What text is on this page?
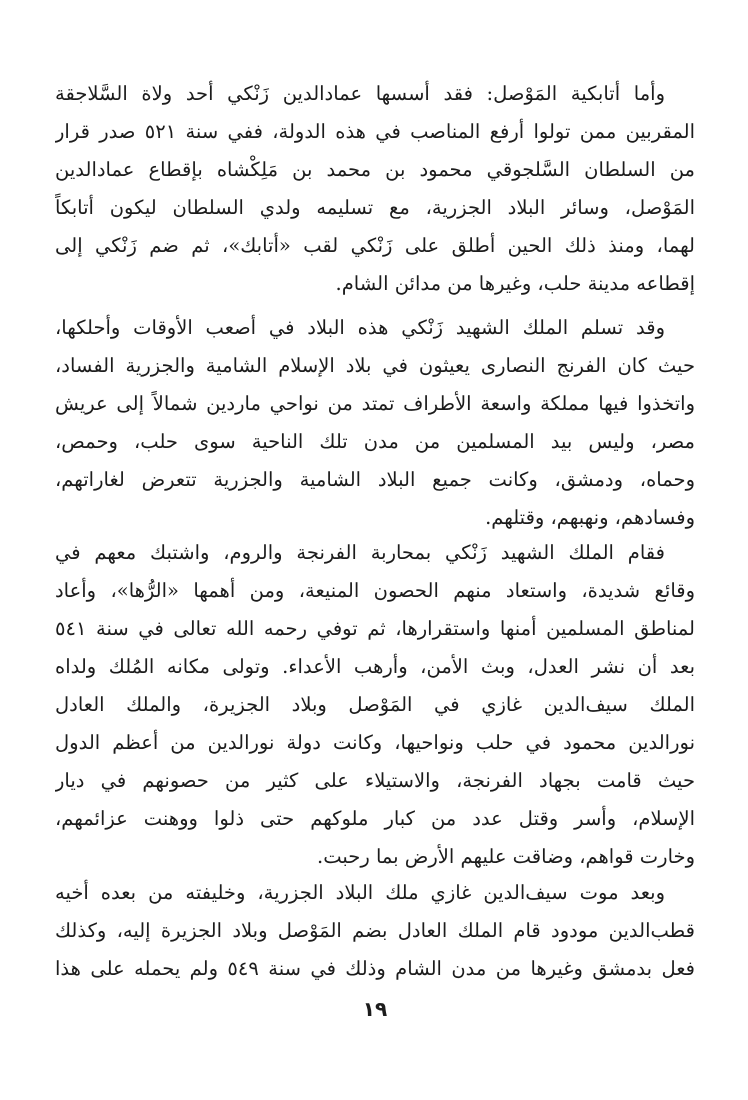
وأما أتابكية المَوْصل: فقد أسسها عمادالدين زَنْكي أحد ولاة السَّلاجقة
المقربين ممن تولوا أرفع المناصب في هذه الدولة، ففي سنة ٥٢١ صدر قرار
من السلطان السَّلجوقي محمود بن محمد بن مَلِكْشاه بإقطاع عمادالدين
المَوْصل، وسائر البلاد الجزرية، مع تسليمه ولدي السلطان ليكون أتابكاً
لهما، ومنذ ذلك الحين أطلق على زَنْكي لقب «أتابك»، ثم ضم زَنْكي إلى
إقطاعه مدينة حلب، وغيرها من مدائن الشام.
وقد تسلم الملك الشهيد زَنْكي هذه البلاد في أصعب الأوقات وأحلكها،
حيث كان الفرنج النصارى يعيثون في بلاد الإسلام الشامية والجزرية الفساد،
واتخذوا فيها مملكة واسعة الأطراف تمتد من نواحي ماردين شمالاً إلى عريش
مصر، وليس بيد المسلمين من مدن تلك الناحية سوى حلب، وحمص،
وحماه، ودمشق، وكانت جميع البلاد الشامية والجزرية تتعرض لغاراتهم،
وفسادهم، ونهبهم، وقتلهم.
فقام الملك الشهيد زَنْكي بمحاربة الفرنجة والروم، واشتبك معهم في
وقائع شديدة، واستعاد منهم الحصون المنيعة، ومن أهمها «الرُّها»، وأعاد
لمناطق المسلمين أمنها واستقرارها، ثم توفي رحمه الله تعالى في سنة ٥٤١
بعد أن نشر العدل، وبث الأمن، وأرهب الأعداء. وتولى مكانه المُلك ولداه
الملك سيف‌الدين غازي في المَوْصل وبلاد الجزيرة، والملك العادل
نورالدين محمود في حلب ونواحيها، وكانت دولة نورالدين من أعظم الدول
حيث قامت بجهاد الفرنجة، والاستيلاء على كثير من حصونهم في ديار
الإسلام، وأسر وقتل عدد من كبار ملوكهم حتى ذلوا ووهنت عزائمهم،
وخارت قواهم، وضاقت عليهم الأرض بما رحبت.
وبعد موت سيف‌الدين غازي ملك البلاد الجزرية، وخليفته من بعده أخيه
قطب‌الدين مودود قام الملك العادل بضم المَوْصل وبلاد الجزيرة إليه، وكذلك
فعل بدمشق وغيرها من مدن الشام وذلك في سنة ٥٤٩ ولم يحمله على هذا
١٩
